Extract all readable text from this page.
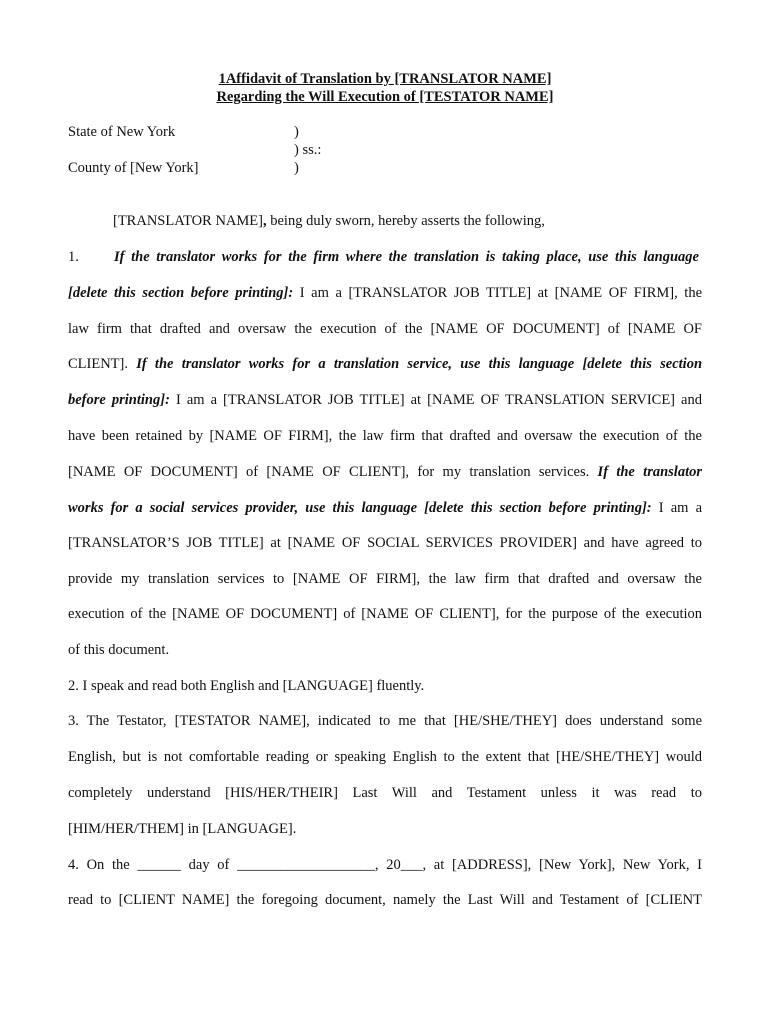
1Affidavit of Translation by [TRANSLATOR NAME]
Regarding the Will Execution of [TESTATOR NAME]
State of New York
County of [New York]
)
) ss.:
)
[TRANSLATOR NAME], being duly sworn, hereby asserts the following,
1. If the translator works for the firm where the translation is taking place, use this language
[delete this section before printing]: I am a [TRANSLATOR JOB TITLE] at [NAME OF FIRM], the
law firm that drafted and oversaw the execution of the [NAME OF DOCUMENT] of [NAME OF
CLIENT]. If the translator works for a translation service, use this language [delete this section
before printing]: I am a [TRANSLATOR JOB TITLE] at [NAME OF TRANSLATION SERVICE] and
have been retained by [NAME OF FIRM], the law firm that drafted and oversaw the execution of the
[NAME OF DOCUMENT] of [NAME OF CLIENT], for my translation services. If the translator
works for a social services provider, use this language [delete this section before printing]: I am a
[TRANSLATOR’S JOB TITLE] at [NAME OF SOCIAL SERVICES PROVIDER] and have agreed to
provide my translation services to [NAME OF FIRM], the law firm that drafted and oversaw the
execution of the [NAME OF DOCUMENT] of [NAME OF CLIENT], for the purpose of the execution
of this document.
2. I speak and read both English and [LANGUAGE] fluently.
3. The Testator, [TESTATOR NAME], indicated to me that [HE/SHE/THEY] does understand some
English, but is not comfortable reading or speaking English to the extent that [HE/SHE/THEY] would
completely understand [HIS/HER/THEIR] Last Will and Testament unless it was read to
[HIM/HER/THEM] in [LANGUAGE].
4. On the ______ day of ___________________, 20___, at [ADDRESS], [New York], New York, I
read to [CLIENT NAME] the foregoing document, namely the Last Will and Testament of [CLIENT
